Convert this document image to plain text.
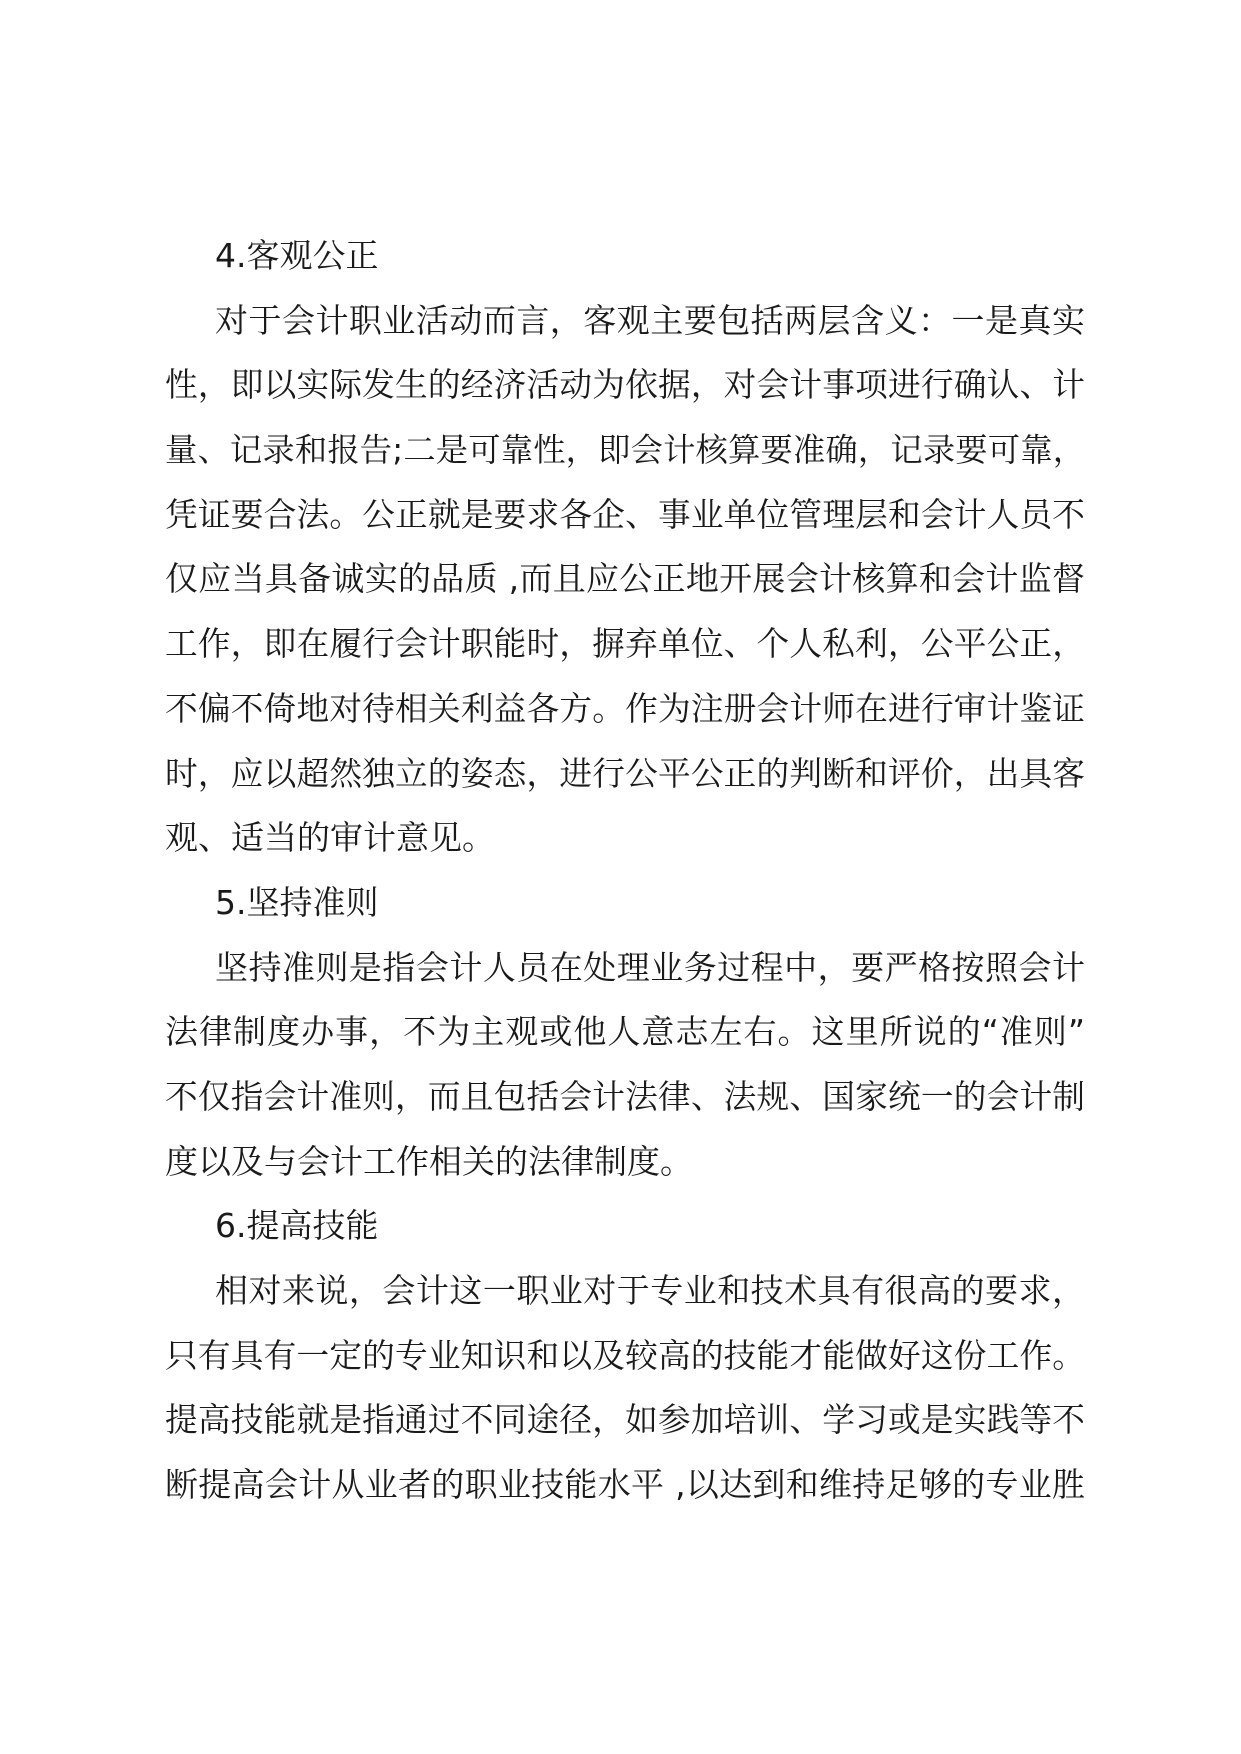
4.客观公正
对于会计职业活动而言，客观主要包括两层含义：一是真实
性，即以实际发生的经济活动为依据，对会计事项进行确认、计
量、记录和报告;二是可靠性，即会计核算要准确，记录要可靠，
凭证要合法。公正就是要求各企、事业单位管理层和会计人员不
仅应当具备诚实的品质 ,而且应公正地开展会计核算和会计监督
工作，即在履行会计职能时，摒弃单位、个人私利，公平公正，
不偏不倚地对待相关利益各方。作为注册会计师在进行审计鉴证
时，应以超然独立的姿态，进行公平公正的判断和评价，出具客
观、适当的审计意见。
5.坚持准则
坚持准则是指会计人员在处理业务过程中，要严格按照会计
法律制度办事，不为主观或他人意志左右。这里所说的“准则”
不仅指会计准则，而且包括会计法律、法规、国家统一的会计制
度以及与会计工作相关的法律制度。
6.提高技能
相对来说，会计这一职业对于专业和技术具有很高的要求，
只有具有一定的专业知识和以及较高的技能才能做好这份工作。
提高技能就是指通过不同途径，如参加培训、学习或是实践等不
断提高会计从业者的职业技能水平 ,以达到和维持足够的专业胜
